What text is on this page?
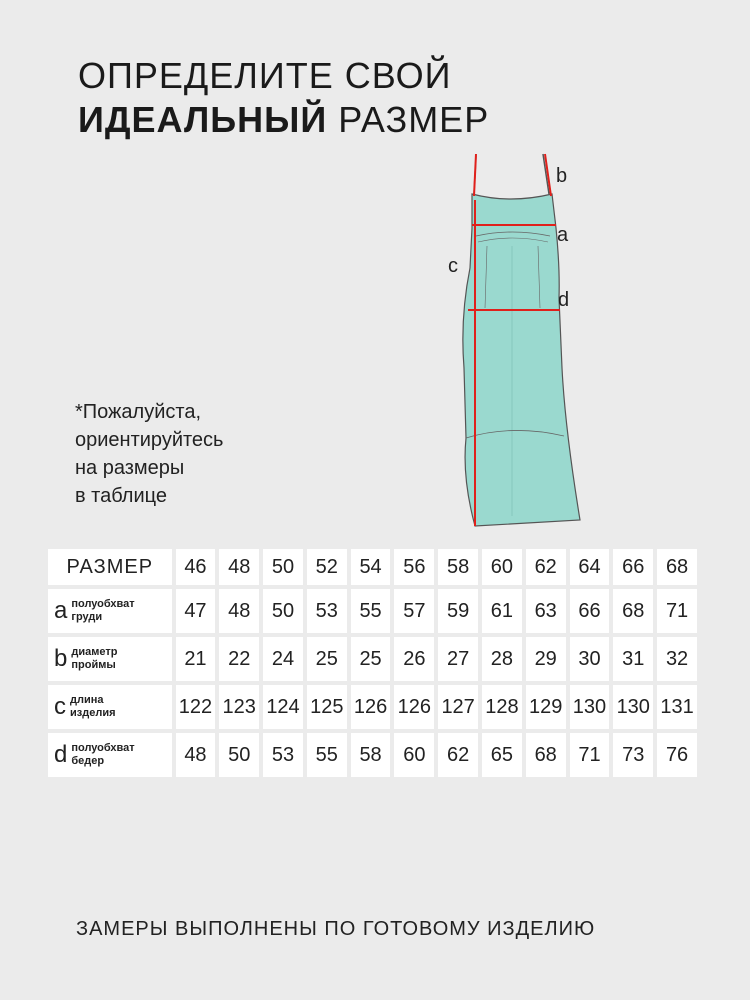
ОПРЕДЕЛИТЕ СВОЙ
ИДЕАЛЬНЫЙ РАЗМЕР
b
a
c
d
*Пожалуйста,
ориентируйтесь
на размеры
в таблице
РАЗМЕР	46	48	50	52	54	56	58	60	62	64	66	68

a полуобхват
груди	47	48	50	53	55	57	59	61	63	66	68	71

b диаметр
проймы	21	22	24	25	25	26	27	28	29	30	31	32

c длина
изделия	122	123	124	125	126	126	127	128	129	130	130	131

d полуобхват
бедер	48	50	53	55	58	60	62	65	68	71	73	76
ЗАМЕРЫ ВЫПОЛНЕНЫ ПО ГОТОВОМУ ИЗДЕЛИЮ
